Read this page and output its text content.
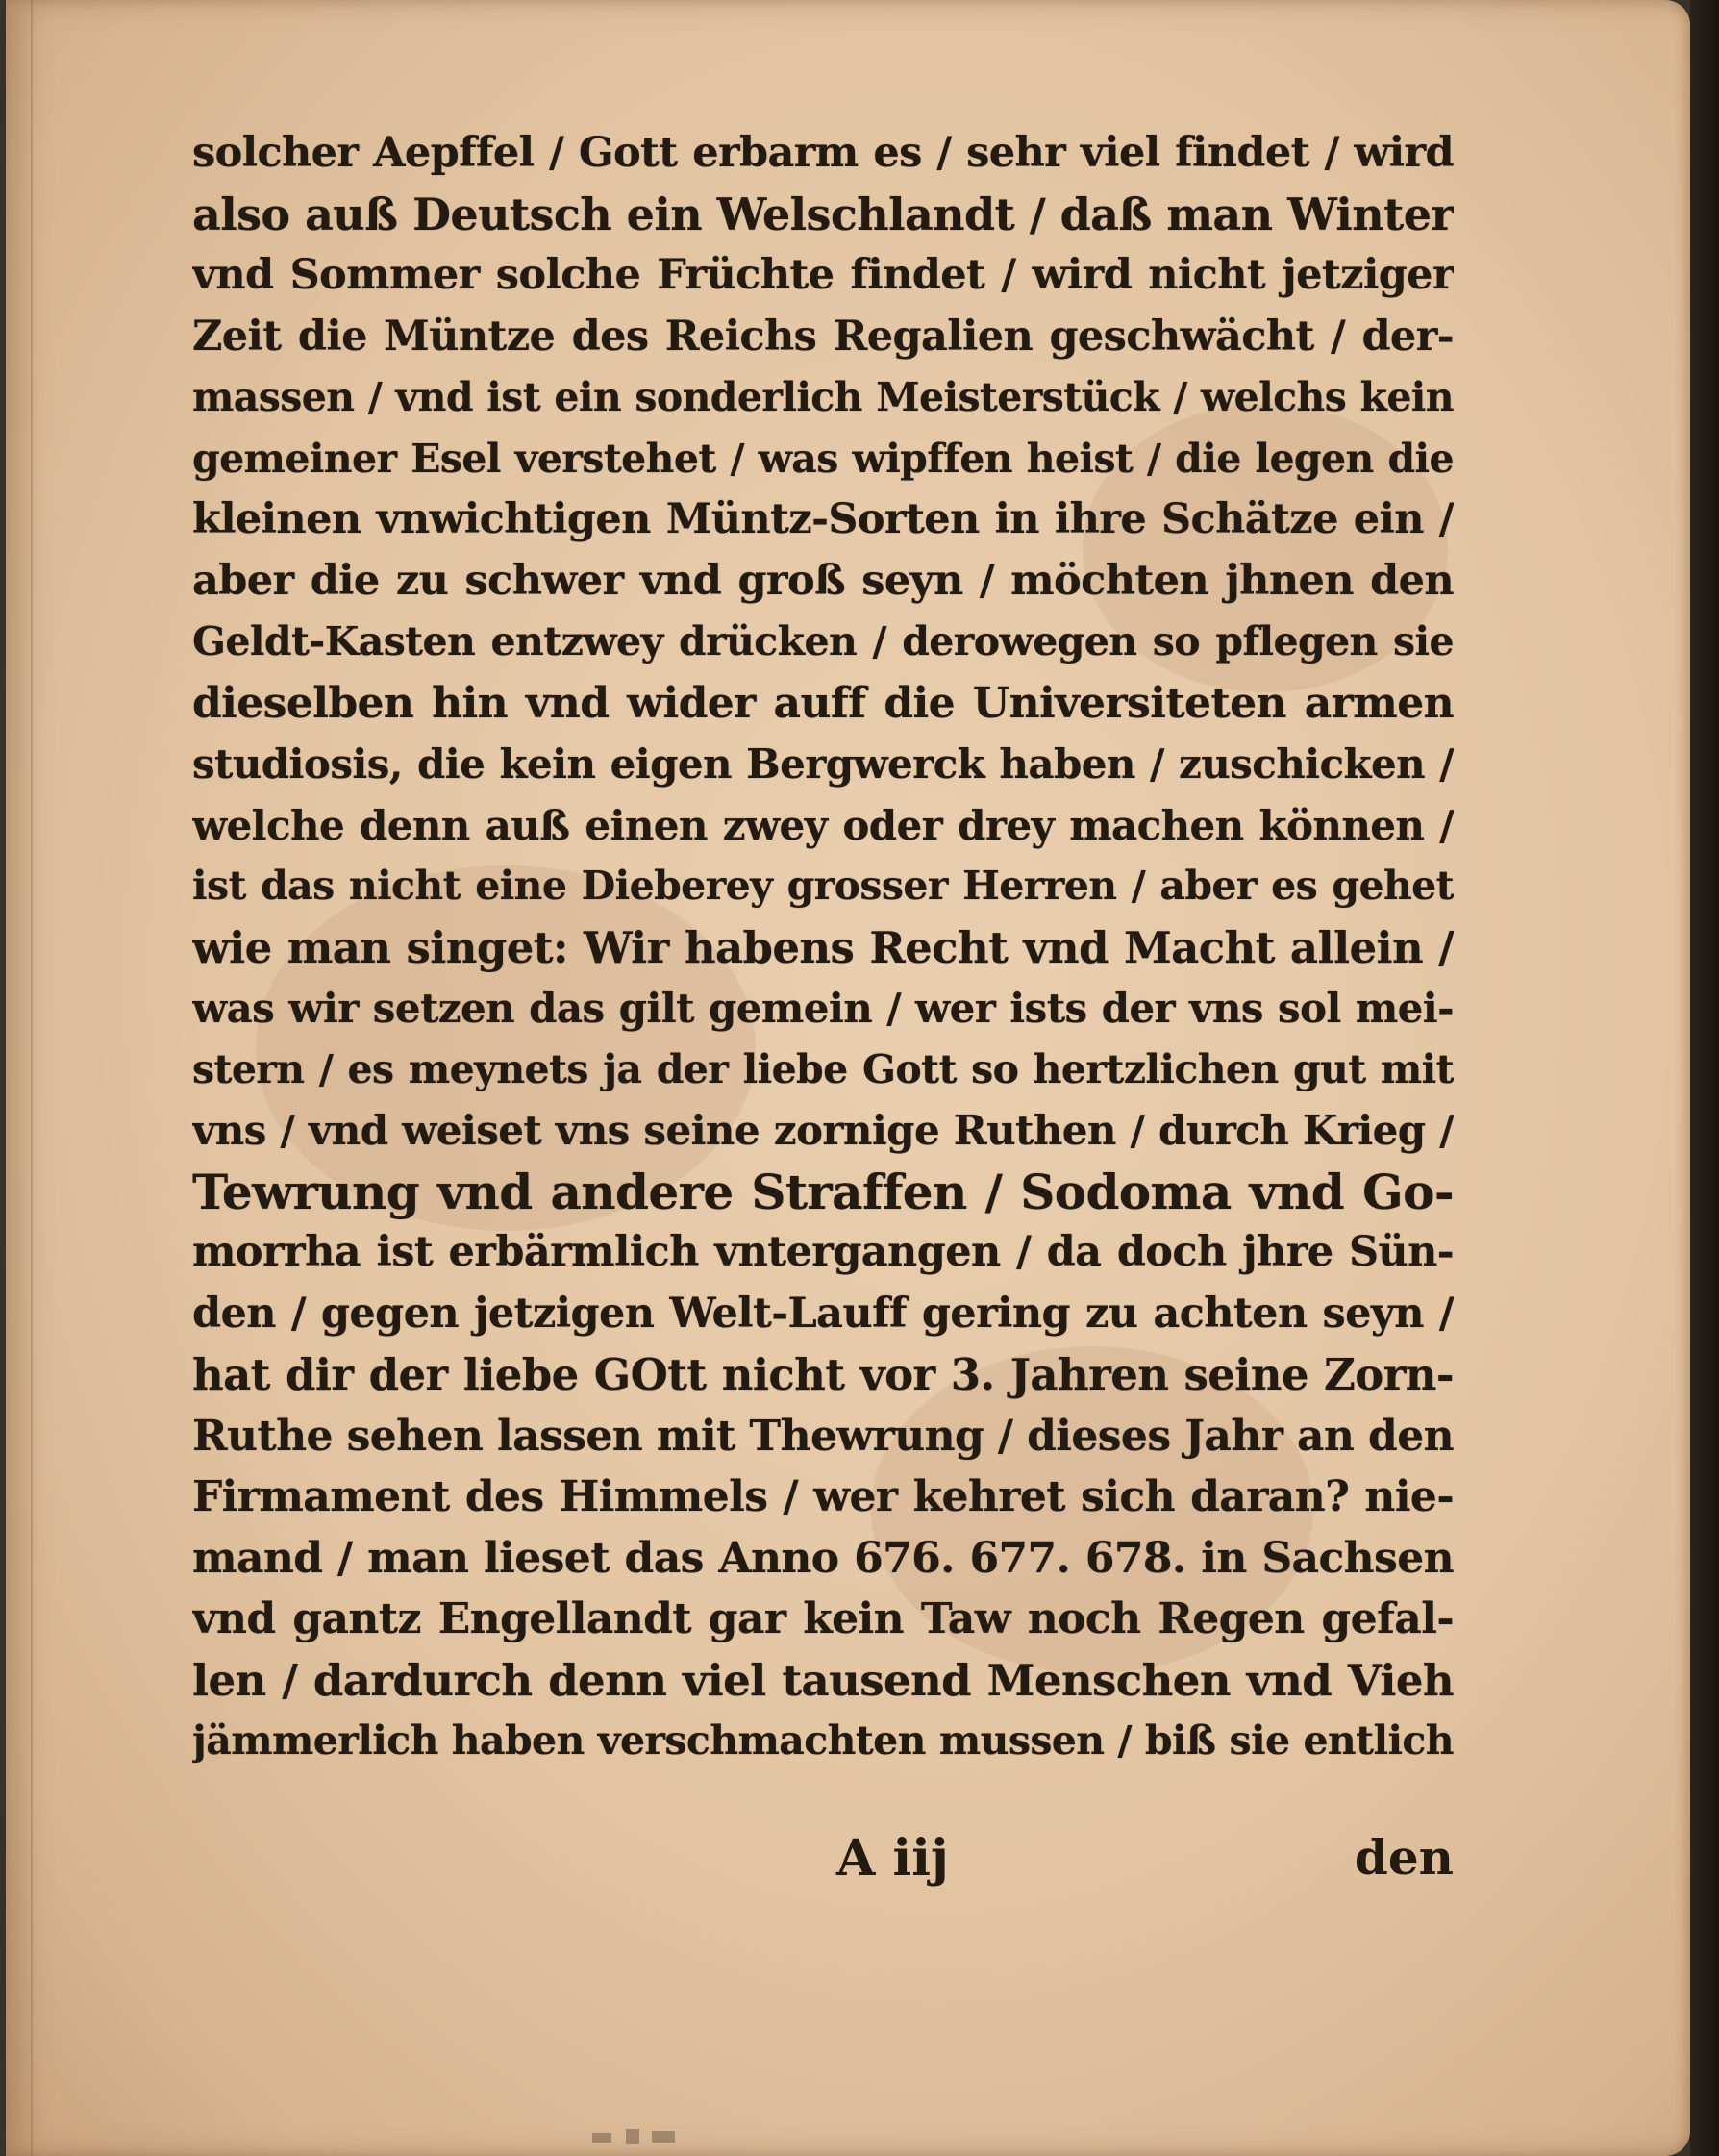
solcher Aepffel / Gott erbarm es / sehr viel findet / wird
also auß Deutsch ein Welschlandt / daß man Winter
vnd Sommer solche Früchte findet / wird nicht jetziger
Zeit die Müntze des Reichs Regalien geschwächt / der-
massen / vnd ist ein sonderlich Meisterstück / welchs kein
gemeiner Esel verstehet / was wipffen heist / die legen die
kleinen vnwichtigen Müntz-Sorten in ihre Schätze ein /
aber die zu schwer vnd groß seyn / möchten jhnen den
Geldt-Kasten entzwey drücken / derowegen so pflegen sie
dieselben hin vnd wider auff die Universiteten armen
studiosis, die kein eigen Bergwerck haben / zuschicken /
welche denn auß einen zwey oder drey machen können /
ist das nicht eine Dieberey grosser Herren / aber es gehet
wie man singet: Wir habens Recht vnd Macht allein /
was wir setzen das gilt gemein / wer ists der vns sol mei-
stern / es meynets ja der liebe Gott so hertzlichen gut mit
vns / vnd weiset vns seine zornige Ruthen / durch Krieg /
Tewrung vnd andere Straffen / Sodoma vnd Go-
morrha ist erbärmlich vntergangen / da doch jhre Sün-
den / gegen jetzigen Welt-Lauff gering zu achten seyn /
hat dir der liebe GOtt nicht vor 3. Jahren seine Zorn-
Ruthe sehen lassen mit Thewrung / dieses Jahr an den
Firmament des Himmels / wer kehret sich daran? nie-
mand / man lieset das Anno 676. 677. 678. in Sachsen
vnd gantz Engellandt gar kein Taw noch Regen gefal-
len / dardurch denn viel tausend Menschen vnd Vieh
jämmerlich haben verschmachten mussen / biß sie entlich
A iij	den
